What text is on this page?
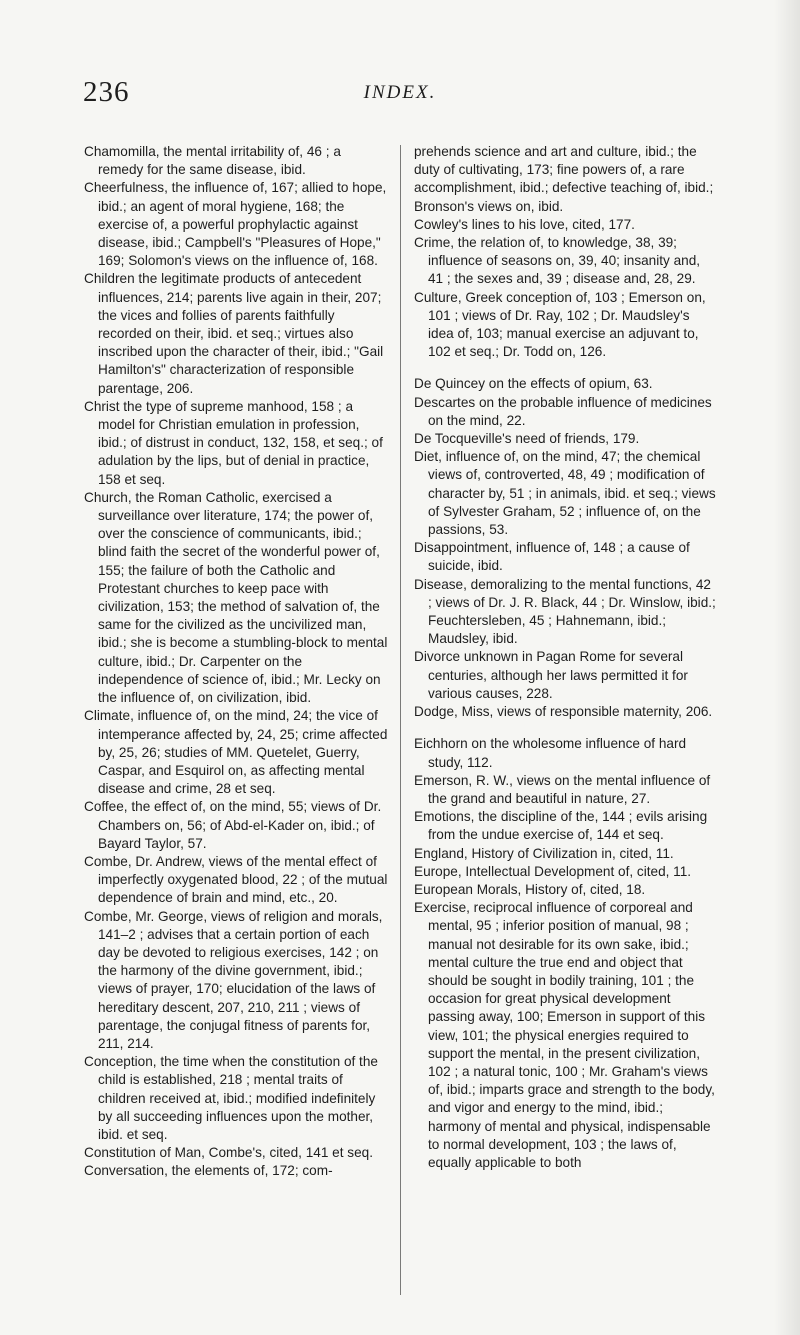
236	INDEX.

Chamomilla, the mental irritability of, 46 ; a remedy for the same disease, ibid.

Cheerfulness, the influence of, 167; allied to hope, ibid.; an agent of moral hygiene, 168; the exercise of, a powerful prophylactic against disease, ibid.; Campbell's "Pleasures of Hope," 169; Solomon's views on the influence of, 168.

Children the legitimate products of antecedent influences, 214; parents live again in their, 207; the vices and follies of parents faithfully recorded on their, ibid. et seq.; virtues also inscribed upon the character of their, ibid.; "Gail Hamilton's" characterization of responsible parentage, 206.

Christ the type of supreme manhood, 158 ; a model for Christian emulation in profession, ibid.; of distrust in conduct, 132, 158, et seq.; of adulation by the lips, but of denial in practice, 158 et seq.

Church, the Roman Catholic, exercised a surveillance over literature, 174; the power of, over the conscience of communicants, ibid.; blind faith the secret of the wonderful power of, 155; the failure of both the Catholic and Protestant churches to keep pace with civilization, 153; the method of salvation of, the same for the civilized as the uncivilized man, ibid.; she is become a stumbling-block to mental culture, ibid.; Dr. Carpenter on the independence of science of, ibid.; Mr. Lecky on the influence of, on civilization, ibid.

Climate, influence of, on the mind, 24; the vice of intemperance affected by, 24, 25; crime affected by, 25, 26; studies of MM. Quetelet, Guerry, Caspar, and Esquirol on, as affecting mental disease and crime, 28 et seq.

Coffee, the effect of, on the mind, 55; views of Dr. Chambers on, 56; of Abd-el-Kader on, ibid.; of Bayard Taylor, 57.

Combe, Dr. Andrew, views of the mental effect of imperfectly oxygenated blood, 22 ; of the mutual dependence of brain and mind, etc., 20.

Combe, Mr. George, views of religion and morals, 141–2 ; advises that a certain portion of each day be devoted to religious exercises, 142 ; on the harmony of the divine government, ibid.; views of prayer, 170; elucidation of the laws of hereditary descent, 207, 210, 211 ; views of parentage, the conjugal fitness of parents for, 211, 214.

Conception, the time when the constitution of the child is established, 218 ; mental traits of children received at, ibid.; modified indefinitely by all succeeding influences upon the mother, ibid. et seq.

Constitution of Man, Combe's, cited, 141 et seq.

Conversation, the elements of, 172; com-

prehends science and art and culture, ibid.; the duty of cultivating, 173; fine powers of, a rare accomplishment, ibid.; defective teaching of, ibid.; Bronson's views on, ibid.

Cowley's lines to his love, cited, 177.

Crime, the relation of, to knowledge, 38, 39; influence of seasons on, 39, 40; insanity and, 41 ; the sexes and, 39 ; disease and, 28, 29.

Culture, Greek conception of, 103 ; Emerson on, 101 ; views of Dr. Ray, 102 ; Dr. Maudsley's idea of, 103; manual exercise an adjuvant to, 102 et seq.; Dr. Todd on, 126.

De Quincey on the effects of opium, 63.

Descartes on the probable influence of medicines on the mind, 22.

De Tocqueville's need of friends, 179.

Diet, influence of, on the mind, 47; the chemical views of, controverted, 48, 49 ; modification of character by, 51 ; in animals, ibid. et seq.; views of Sylvester Graham, 52 ; influence of, on the passions, 53.

Disappointment, influence of, 148 ; a cause of suicide, ibid.

Disease, demoralizing to the mental functions, 42 ; views of Dr. J. R. Black, 44 ; Dr. Winslow, ibid.; Feuchtersleben, 45 ; Hahnemann, ibid.; Maudsley, ibid.

Divorce unknown in Pagan Rome for several centuries, although her laws permitted it for various causes, 228.

Dodge, Miss, views of responsible maternity, 206.

Eichhorn on the wholesome influence of hard study, 112.

Emerson, R. W., views on the mental influence of the grand and beautiful in nature, 27.

Emotions, the discipline of the, 144 ; evils arising from the undue exercise of, 144 et seq.

England, History of Civilization in, cited, 11.

Europe, Intellectual Development of, cited, 11.

European Morals, History of, cited, 18.

Exercise, reciprocal influence of corporeal and mental, 95 ; inferior position of manual, 98 ; manual not desirable for its own sake, ibid.; mental culture the true end and object that should be sought in bodily training, 101 ; the occasion for great physical development passing away, 100; Emerson in support of this view, 101; the physical energies required to support the mental, in the present civilization, 102 ; a natural tonic, 100 ; Mr. Graham's views of, ibid.; imparts grace and strength to the body, and vigor and energy to the mind, ibid.; harmony of mental and physical, indispensable to normal development, 103 ; the laws of, equally applicable to both
